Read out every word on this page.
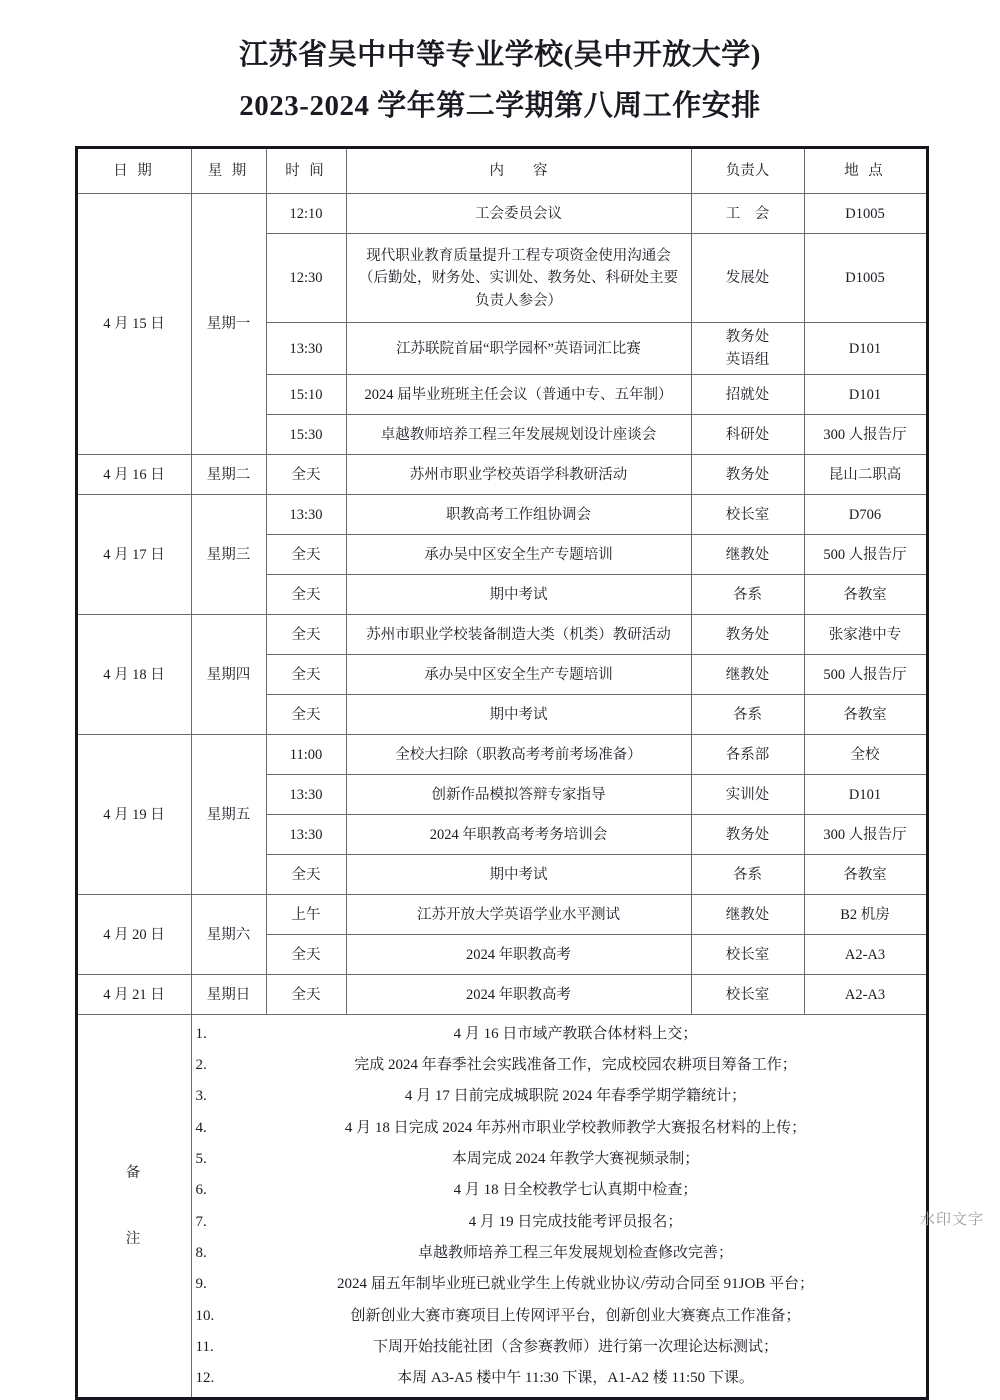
江苏省吴中中等专业学校(吴中开放大学)
2023-2024 学年第二学期第八周工作安排
日 期	星 期	时 间	内　　容	负责人	地 点
4 月 15 日	星期一	12:10	工会委员会议	工　会	D1005
		12:30	现代职业教育质量提升工程专项资金使用沟通会
（后勤处，财务处、实训处、教务处、科研处主要
负责人参会）	发展处	D1005
		13:30	江苏联院首届“职学园杯”英语词汇比赛	教务处
英语组	D101
		15:10	2024 届毕业班班主任会议（普通中专、五年制）	招就处	D101
		15:30	卓越教师培养工程三年发展规划设计座谈会	科研处	300 人报告厅
4 月 16 日	星期二	全天	苏州市职业学校英语学科教研活动	教务处	昆山二职高
4 月 17 日	星期三	13:30	职教高考工作组协调会	校长室	D706
		全天	承办吴中区安全生产专题培训	继教处	500 人报告厅
		全天	期中考试	各系	各教室
4 月 18 日	星期四	全天	苏州市职业学校装备制造大类（机类）教研活动	教务处	张家港中专
		全天	承办吴中区安全生产专题培训	继教处	500 人报告厅
		全天	期中考试	各系	各教室
4 月 19 日	星期五	11:00	全校大扫除（职教高考考前考场准备）	各系部	全校
		13:30	创新作品模拟答辩专家指导	实训处	D101
		13:30	2024 年职教高考考务培训会	教务处	300 人报告厅
		全天	期中考试	各系	各教室
4 月 20 日	星期六	上午	江苏开放大学英语学业水平测试	继教处	B2 机房
		全天	2024 年职教高考	校长室	A2-A3
4 月 21 日	星期日	全天	2024 年职教高考	校长室	A2-A3

备
注

1.	4 月 16 日市域产教联合体材料上交；
2.	完成 2024 年春季社会实践准备工作，完成校园农耕项目筹备工作；
3.	4 月 17 日前完成城职院 2024 年春季学期学籍统计；
4.	4 月 18 日完成 2024 年苏州市职业学校教师教学大赛报名材料的上传；
5.	本周完成 2024 年教学大赛视频录制；
6.	4 月 18 日全校教学七认真期中检查；
7.	4 月 19 日完成技能考评员报名；
8.	卓越教师培养工程三年发展规划检查修改完善；
9.	2024 届五年制毕业班已就业学生上传就业协议/劳动合同至 91JOB 平台；
10.	创新创业大赛市赛项目上传网评平台，创新创业大赛赛点工作准备；
11.	下周开始技能社团（含参赛教师）进行第一次理论达标测试；
12.	本周 A3-A5 楼中午 11:30 下课，A1-A2 楼 11:50 下课。
水印文字
